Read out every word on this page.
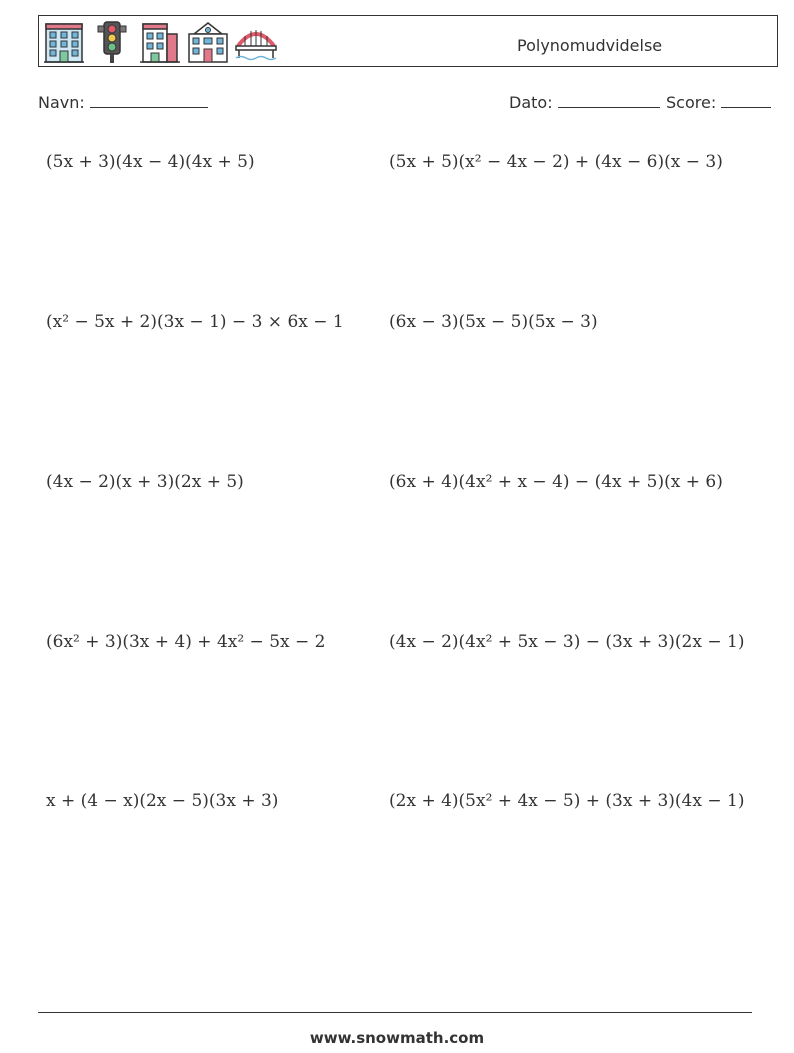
Polynomudvidelse
Navn:	Dato:	Score:
(5x + 3)(4x − 4)(4x + 5)	(5x + 5)(x² − 4x − 2) + (4x − 6)(x − 3)
(x² − 5x + 2)(3x − 1) − 3 × 6x − 1	(6x − 3)(5x − 5)(5x − 3)
(4x − 2)(x + 3)(2x + 5)	(6x + 4)(4x² + x − 4) − (4x + 5)(x + 6)
(6x² + 3)(3x + 4) + 4x² − 5x − 2	(4x − 2)(4x² + 5x − 3) − (3x + 3)(2x − 1)
x + (4 − x)(2x − 5)(3x + 3)	(2x + 4)(5x² + 4x − 5) + (3x + 3)(4x − 1)
www.snowmath.com
